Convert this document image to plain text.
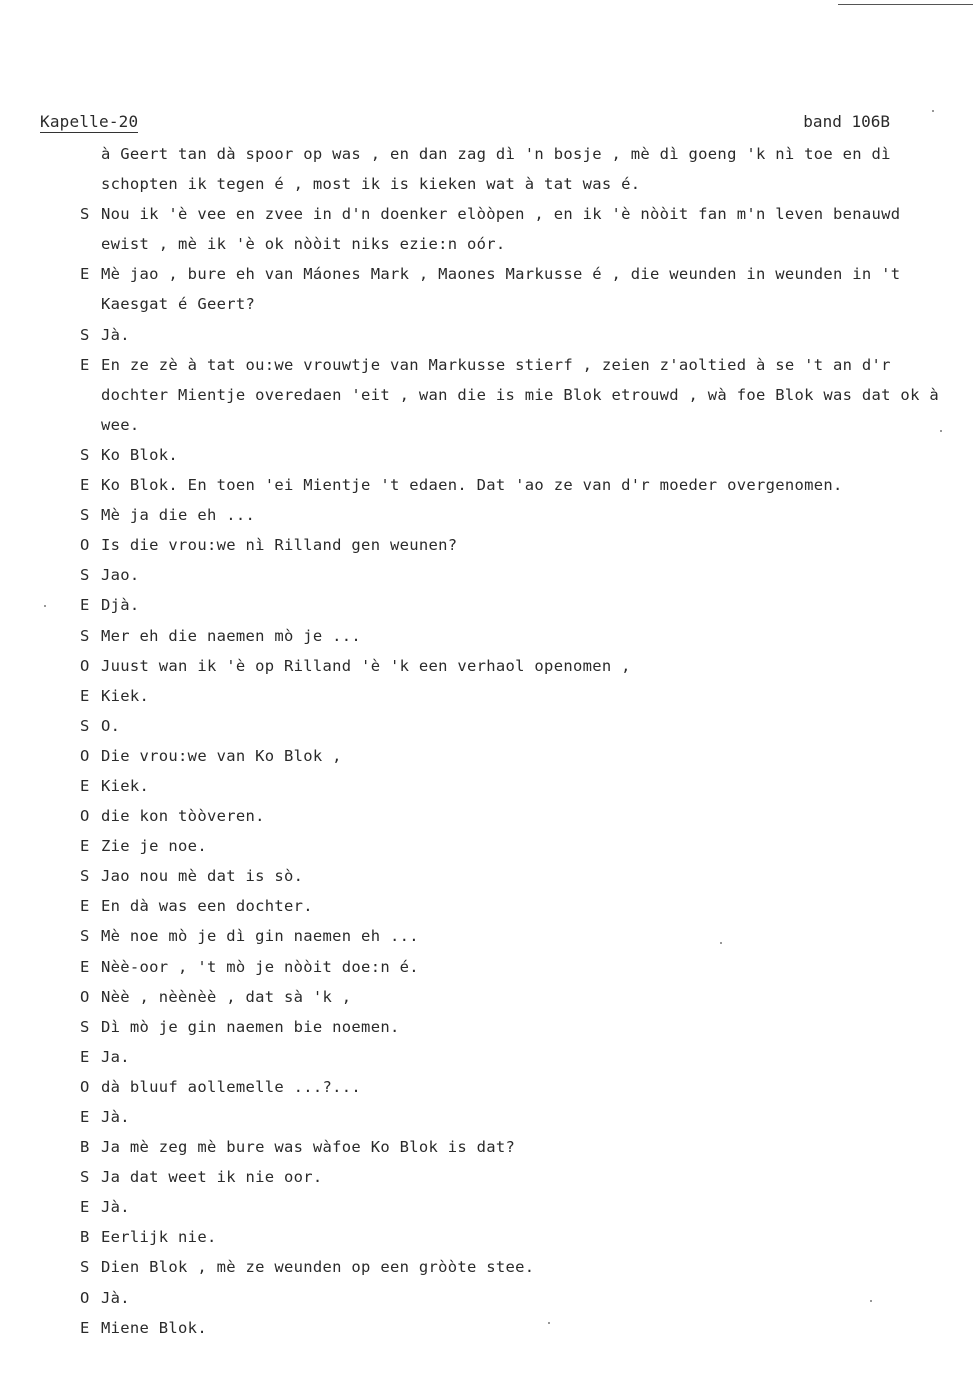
Kapelle-20	band 106B
à Geert tan dà spoor op was , en dan zag dì 'n bosje , mè dì goeng 'k nì toe en dì schopten ik tegen é , most ik is kieken wat à tat was é.
S Nou ik 'è vee en zvee in d'n doenker elòòpen , en ik 'è nòòit fan m'n leven benauwd ewist , mè ik 'è ok nòòit niks ezie:n oór.
E Mè jao , bure eh van Máones Mark , Maones Markusse é , die weunden in weunden in 't Kaesgat é Geert?
S Jà.
E En ze zè à tat ou:we vrouwtje van Markusse stierf , zeien z'aoltied à se 't an d'r dochter Mientje overedaen 'eit , wan die is mie Blok etrouwd , wà foe Blok was dat ok à wee.
S Ko Blok.
E Ko Blok. En toen 'ei Mientje 't edaen. Dat 'ao ze van d'r moeder overgenomen.
S Mè ja die eh ...
O Is die vrou:we nì Rilland gen weunen?
S Jao.
E Djà.
S Mer eh die naemen mò je ...
O Juust wan ik 'è op Rilland 'è 'k een verhaol openomen ,
E Kiek.
S O.
O Die vrou:we van Ko Blok ,
E Kiek.
O die kon tòòveren.
E Zie je noe.
S Jao nou mè dat is sò.
E En dà was een dochter.
S Mè noe mò je dì gin naemen eh ...
E Nèè-oor , 't mò je nòòit doe:n é.
O Nèè , nèènèè , dat sà 'k ,
S Dì mò je gin naemen bie noemen.
E Ja.
O dà bluuf aollemelle ...?...
E Jà.
B Ja mè zeg mè bure was wàfoe Ko Blok is dat?
S Ja dat weet ik nie oor.
E Jà.
B Eerlijk nie.
S Dien Blok , mè ze weunden op een gròòte stee.
O Jà.
E Miene Blok.
